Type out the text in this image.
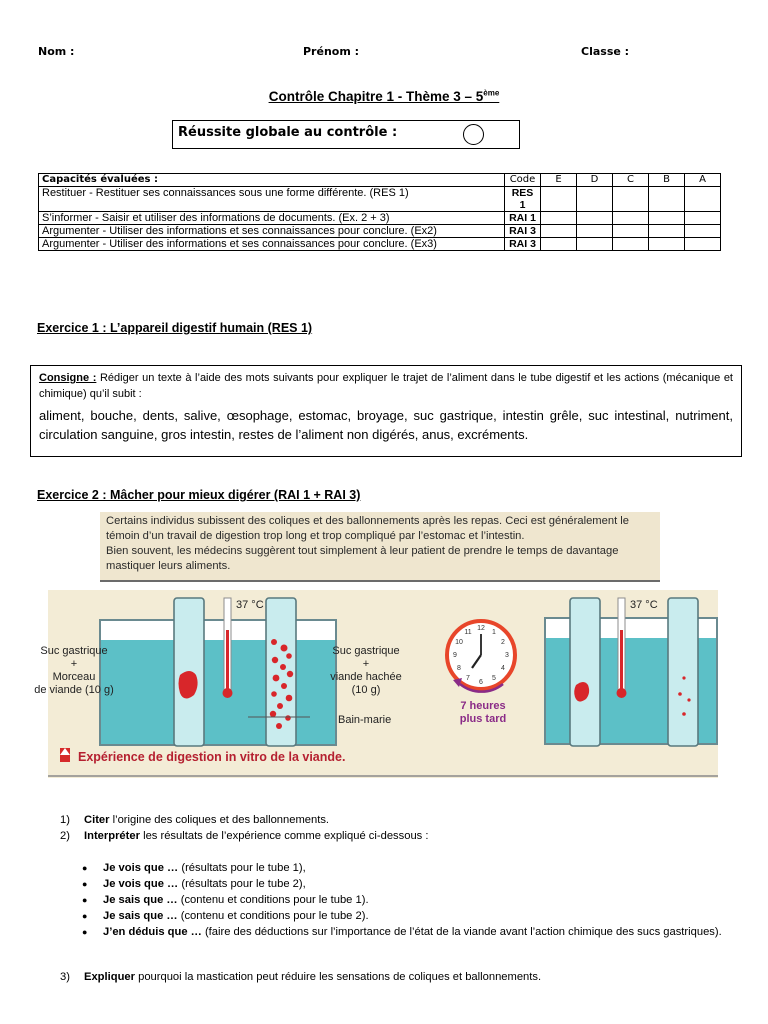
Nom :	Prénom :	Classe :
Contrôle Chapitre 1 - Thème 3 – 5ème
Réussite globale au contrôle :
Capacités évaluées :	Code	E	D	C	B	A
Restituer - Restituer ses connaissances sous une forme différente. (RES 1)	RES 1					
S’informer - Saisir et utiliser des informations de documents. (Ex. 2 + 3)	RAI 1					
Argumenter - Utiliser des informations et ses connaissances pour conclure. (Ex2)	RAI 3					
Argumenter - Utiliser des informations et ses connaissances pour conclure. (Ex3)	RAI 3					
Exercice 1 : L’appareil digestif humain (RES 1)
Consigne : Rédiger un texte à l’aide des mots suivants pour expliquer le trajet de l’aliment dans le tube digestif et les actions (mécanique et chimique) qu’il subit :
aliment, bouche, dents, salive, œsophage, estomac, broyage, suc gastrique, intestin grêle, suc intestinal, nutriment, circulation sanguine, gros intestin, restes de l’aliment non digérés, anus, excréments.
Exercice 2 : Mâcher pour mieux digérer (RAI 1 + RAI 3)
Certains individus subissent des coliques et des ballonnements après les repas. Ceci est généralement le
témoin d’un travail de digestion trop long et trop compliqué par l’estomac et l’intestin.
Bien souvent, les médecins suggèrent tout simplement à leur patient de prendre le temps de davantage
mastiquer leurs aliments.
Suc gastrique
+
Morceau
de viande (10 g)
Suc gastrique
+
viande hachée
(10 g)
Bain-marie
37 °C	37 °C
12
1
2
3
4
5
6
7
8
9
10
11
7 heures
plus tard
Expérience de digestion in vitro de la viande.
1) Citer l’origine des coliques et des ballonnements.
2) Interpréter les résultats de l’expérience comme expliqué ci-dessous :
● Je vois que … (résultats pour le tube 1),
● Je vois que … (résultats pour le tube 2),
● Je sais que … (contenu et conditions pour le tube 1).
● Je sais que … (contenu et conditions pour le tube 2).
● J’en déduis que … (faire des déductions sur l’importance de l’état de la viande avant l’action chimique des sucs gastriques).
3) Expliquer pourquoi la mastication peut réduire les sensations de coliques et ballonnements.
